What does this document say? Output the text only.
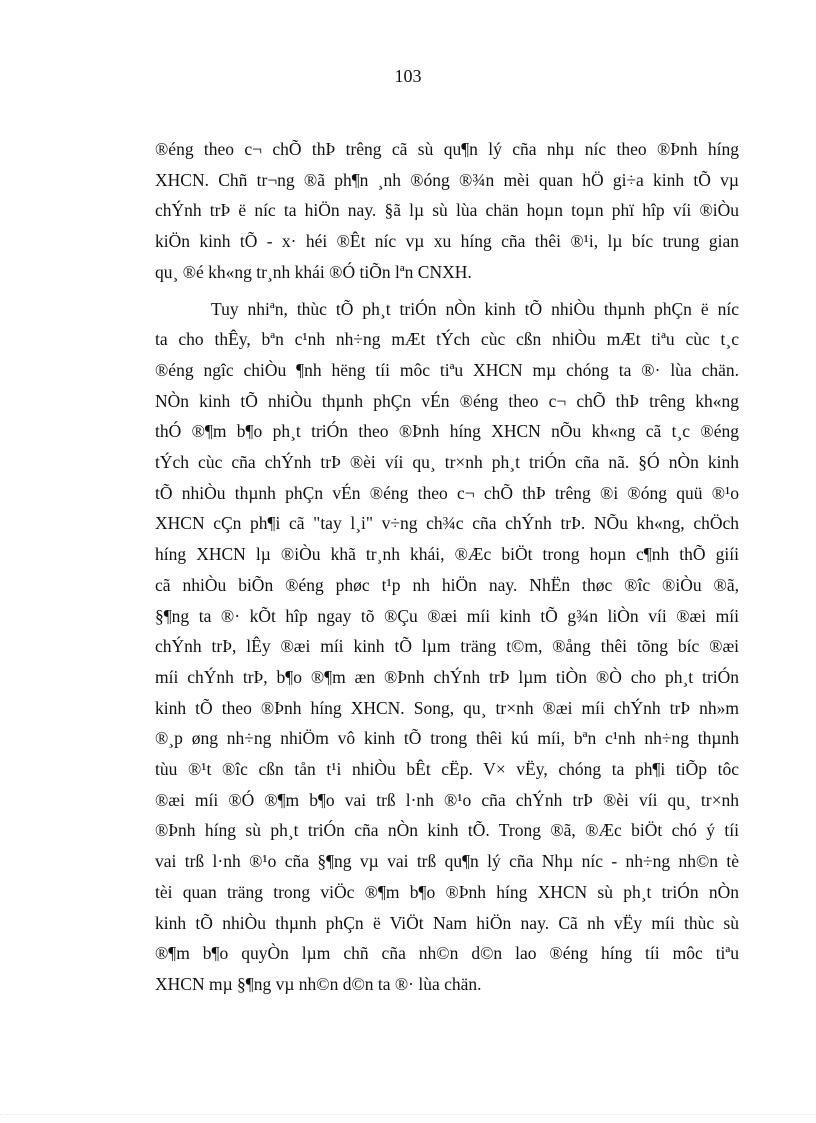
103
®éng theo c¬ chÕ thÞ trêng cã sù qu¶n lý cña nhµ níc theo ®Þnh híng
XHCN. Chñ tr¬ng ®ã ph¶n ¸nh ®óng ®¾n mèi quan hÖ gi÷a kinh tÕ vµ
chÝnh trÞ ë níc ta hiÖn nay. §ã lµ sù lùa chän hoµn toµn phï hîp víi ®iÒu
kiÖn kinh tÕ - x· héi ®Êt níc vµ xu híng cña thêi ®¹i, lµ bíc trung gian
qu¸ ®é kh«ng tr¸nh khái ®Ó tiÕn lªn CNXH.
Tuy nhiªn, thùc tÕ ph¸t triÓn nÒn kinh tÕ nhiÒu thµnh phÇn ë níc
ta cho thÊy, bªn c¹nh nh÷ng mÆt tÝch cùc cßn nhiÒu mÆt tiªu cùc t¸c
®éng ngîc chiÒu ¶nh hëng tíi môc tiªu XHCN mµ chóng ta ®· lùa chän.
NÒn kinh tÕ nhiÒu thµnh phÇn vÉn ®éng theo c¬ chÕ thÞ trêng kh«ng
thÓ ®¶m b¶o ph¸t triÓn theo ®Þnh híng XHCN nÕu kh«ng cã t¸c ®éng
tÝch cùc cña chÝnh trÞ ®èi víi qu¸ tr×nh ph¸t triÓn cña nã. §Ó nÒn kinh
tÕ nhiÒu thµnh phÇn vÉn ®éng theo c¬ chÕ thÞ trêng ®i ®óng quü ®¹o
XHCN cÇn ph¶i cã "tay l¸i" v÷ng ch¾c cña chÝnh trÞ. NÕu kh«ng, chÖch
híng XHCN lµ ®iÒu khã tr¸nh khái, ®Æc biÖt trong hoµn c¶nh thÕ giíi
cã nhiÒu biÕn ®éng phøc t¹p nh hiÖn nay. NhËn thøc ®îc ®iÒu ®ã,
§¶ng ta ®· kÕt hîp ngay tõ ®Çu ®æi míi kinh tÕ g¾n liÒn víi ®æi míi
chÝnh trÞ, lÊy ®æi míi kinh tÕ lµm träng t©m, ®ång thêi tõng bíc ®æi
míi chÝnh trÞ, b¶o ®¶m æn ®Þnh chÝnh trÞ lµm tiÒn ®Ò cho ph¸t triÓn
kinh tÕ theo ®Þnh híng XHCN. Song, qu¸ tr×nh ®æi míi chÝnh trÞ nh»m
®¸p øng nh÷ng nhiÖm vô kinh tÕ trong thêi kú míi, bªn c¹nh nh÷ng thµnh
tùu ®¹t ®îc cßn tån t¹i nhiÒu bÊt cËp. V× vËy, chóng ta ph¶i tiÕp tôc
®æi míi ®Ó ®¶m b¶o vai trß l·nh ®¹o cña chÝnh trÞ ®èi víi qu¸ tr×nh
®Þnh híng sù ph¸t triÓn cña nÒn kinh tÕ. Trong ®ã, ®Æc biÖt chó ý tíi
vai trß l·nh ®¹o cña §¶ng vµ vai trß qu¶n lý cña Nhµ níc - nh÷ng nh©n tè
tèi quan träng trong viÖc ®¶m b¶o ®Þnh híng XHCN sù ph¸t triÓn nÒn
kinh tÕ nhiÒu thµnh phÇn ë ViÖt Nam hiÖn nay. Cã nh vËy míi thùc sù
®¶m b¶o quyÒn lµm chñ cña nh©n d©n lao ®éng híng tíi môc tiªu
XHCN mµ §¶ng vµ nh©n d©n ta ®· lùa chän.
